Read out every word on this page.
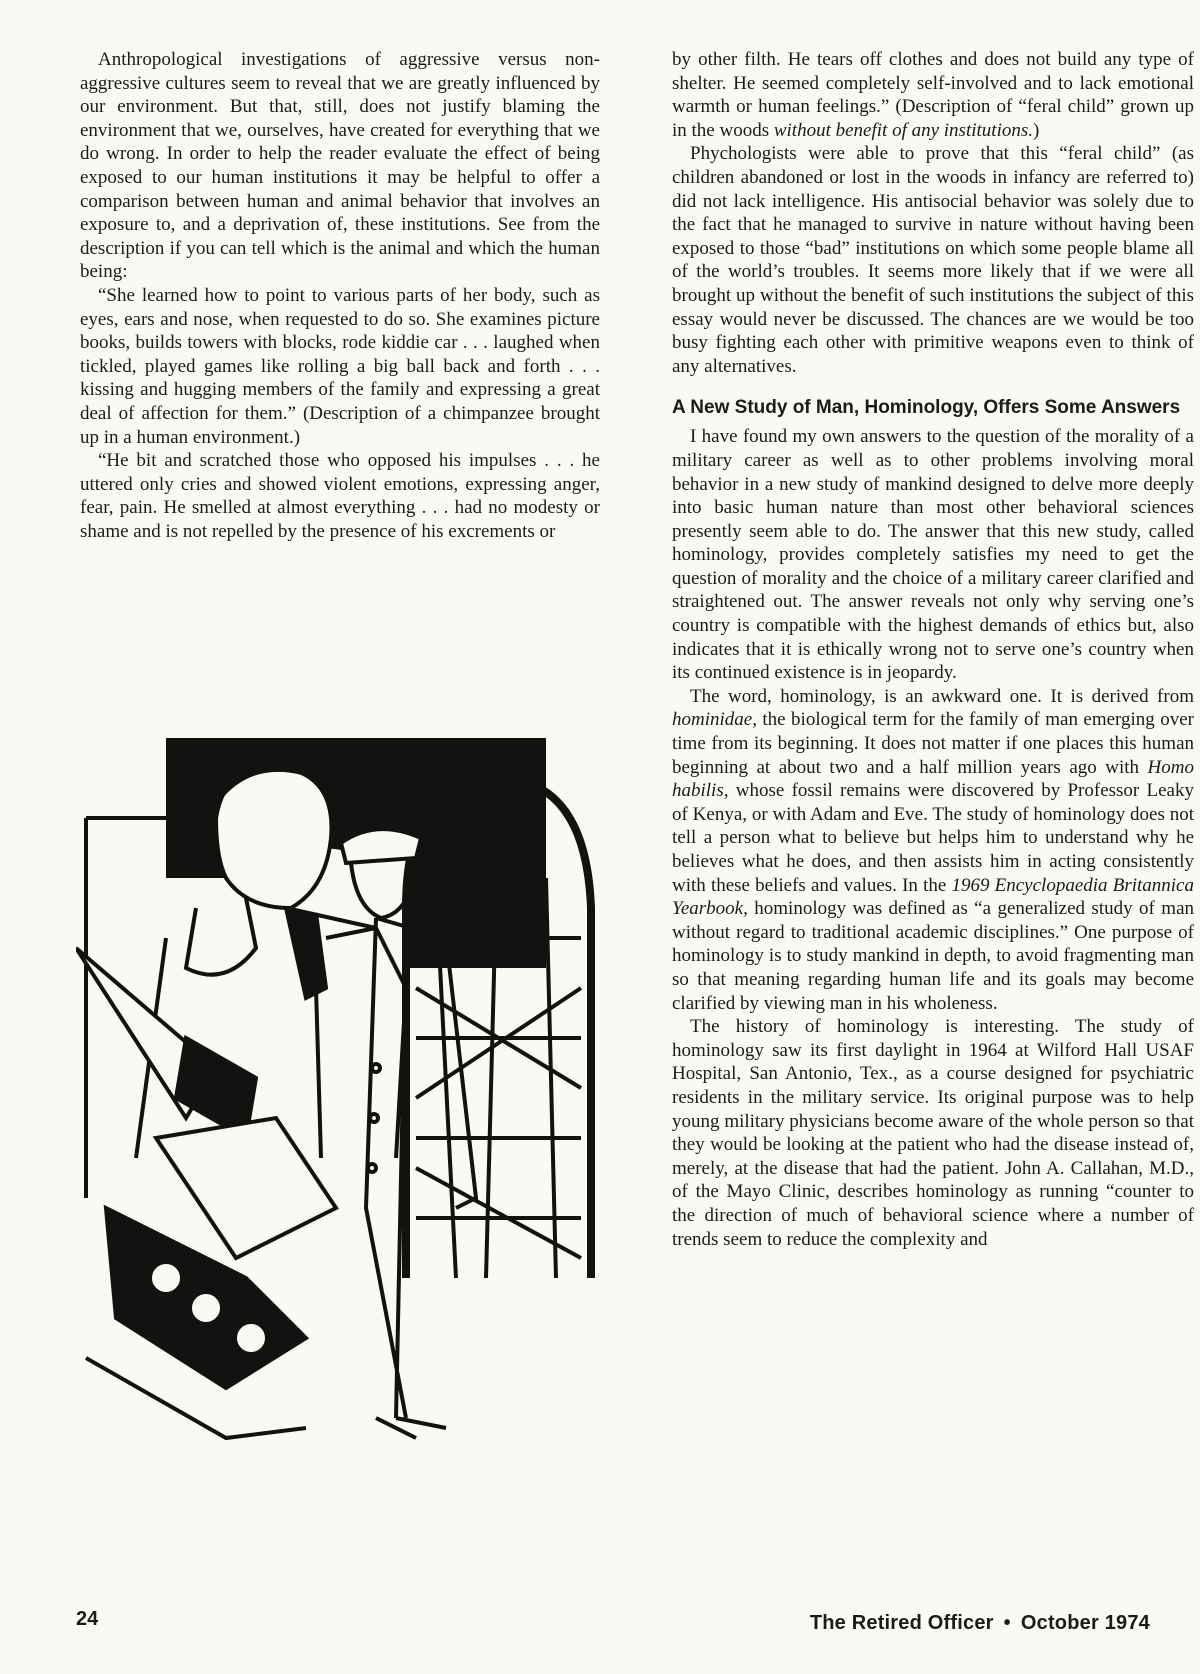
Anthropological investigations of aggressive versus non-aggressive cultures seem to reveal that we are greatly influenced by our environment. But that, still, does not justify blaming the environment that we, ourselves, have created for everything that we do wrong. In order to help the reader evaluate the effect of being exposed to our human institutions it may be helpful to offer a comparison between human and animal behavior that involves an exposure to, and a deprivation of, these institutions. See from the description if you can tell which is the animal and which the human being:

“She learned how to point to various parts of her body, such as eyes, ears and nose, when requested to do so. She examines picture books, builds towers with blocks, rode kiddie car . . . laughed when tickled, played games like rolling a big ball back and forth . . . kissing and hugging members of the family and expressing a great deal of affection for them.” (Description of a chimpanzee brought up in a human environment.)

“He bit and scratched those who opposed his impulses . . . he uttered only cries and showed violent emotions, expressing anger, fear, pain. He smelled at almost everything . . . had no modesty or shame and is not repelled by the presence of his excrements or

by other filth. He tears off clothes and does not build any type of shelter. He seemed completely self-involved and to lack emotional warmth or human feelings.” (Description of “feral child” grown up in the woods without benefit of any institutions.)

Phychologists were able to prove that this “feral child” (as children abandoned or lost in the woods in infancy are referred to) did not lack intelligence. His antisocial behavior was solely due to the fact that he managed to survive in nature without having been exposed to those “bad” institutions on which some people blame all of the world’s troubles. It seems more likely that if we were all brought up without the benefit of such institutions the subject of this essay would never be discussed. The chances are we would be too busy fighting each other with primitive weapons even to think of any alternatives.

A New Study of Man, Hominology, Offers Some Answers

I have found my own answers to the question of the morality of a military career as well as to other problems involving moral behavior in a new study of mankind designed to delve more deeply into basic human nature than most other behavioral sciences presently seem able to do. The answer that this new study, called hominology, provides completely satisfies my need to get the question of morality and the choice of a military career clarified and straightened out. The answer reveals not only why serving one’s country is compatible with the highest demands of ethics but, also indicates that it is ethically wrong not to serve one’s country when its continued existence is in jeopardy.

The word, hominology, is an awkward one. It is derived from hominidae, the biological term for the family of man emerging over time from its beginning. It does not matter if one places this human beginning at about two and a half million years ago with Homo habilis, whose fossil remains were discovered by Professor Leaky of Kenya, or with Adam and Eve. The study of hominology does not tell a person what to believe but helps him to understand why he believes what he does, and then assists him in acting consistently with these beliefs and values. In the 1969 Encyclopaedia Britannica Yearbook, hominology was defined as “a generalized study of man without regard to traditional academic disciplines.” One purpose of hominology is to study mankind in depth, to avoid fragmenting man so that meaning regarding human life and its goals may become clarified by viewing man in his wholeness.

The history of hominology is interesting. The study of hominology saw its first daylight in 1964 at Wilford Hall USAF Hospital, San Antonio, Tex., as a course designed for psychiatric residents in the military service. Its original purpose was to help young military physicians become aware of the whole person so that they would be looking at the patient who had the disease instead of, merely, at the disease that had the patient. John A. Callahan, M.D., of the Mayo Clinic, describes hominology as running “counter to the direction of much of behavioral science where a number of trends seem to reduce the complexity and

24	The Retired Officer • October 1974
